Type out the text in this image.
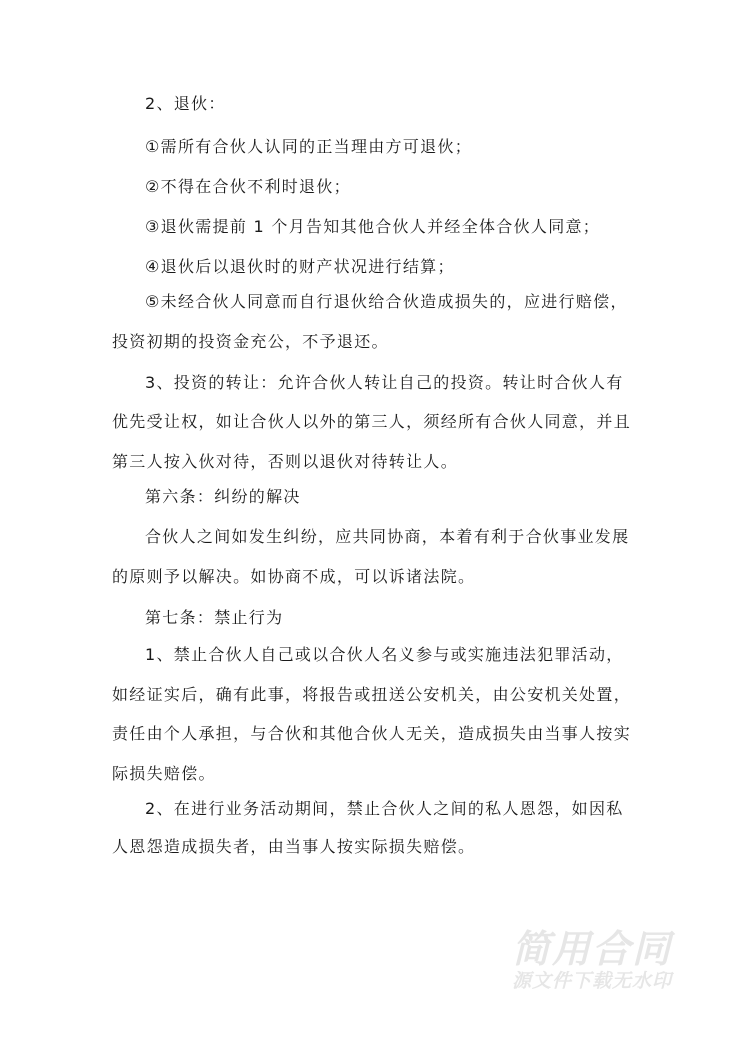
2、退伙：
①需所有合伙人认同的正当理由方可退伙；
②不得在合伙不利时退伙；
③退伙需提前 1 个月告知其他合伙人并经全体合伙人同意；
④退伙后以退伙时的财产状况进行结算；
⑤未经合伙人同意而自行退伙给合伙造成损失的，应进行赔偿，
投资初期的投资金充公，不予退还。
3、投资的转让：允许合伙人转让自己的投资。转让时合伙人有
优先受让权，如让合伙人以外的第三人，须经所有合伙人同意，并且
第三人按入伙对待，否则以退伙对待转让人。
第六条：纠纷的解决
合伙人之间如发生纠纷，应共同协商，本着有利于合伙事业发展
的原则予以解决。如协商不成，可以诉诸法院。
第七条：禁止行为
1、禁止合伙人自己或以合伙人名义参与或实施违法犯罪活动，
如经证实后，确有此事，将报告或扭送公安机关，由公安机关处置，
责任由个人承担，与合伙和其他合伙人无关，造成损失由当事人按实
际损失赔偿。
2、在进行业务活动期间，禁止合伙人之间的私人恩怨，如因私
人恩怨造成损失者，由当事人按实际损失赔偿。
简用合同
源文件下载无水印
